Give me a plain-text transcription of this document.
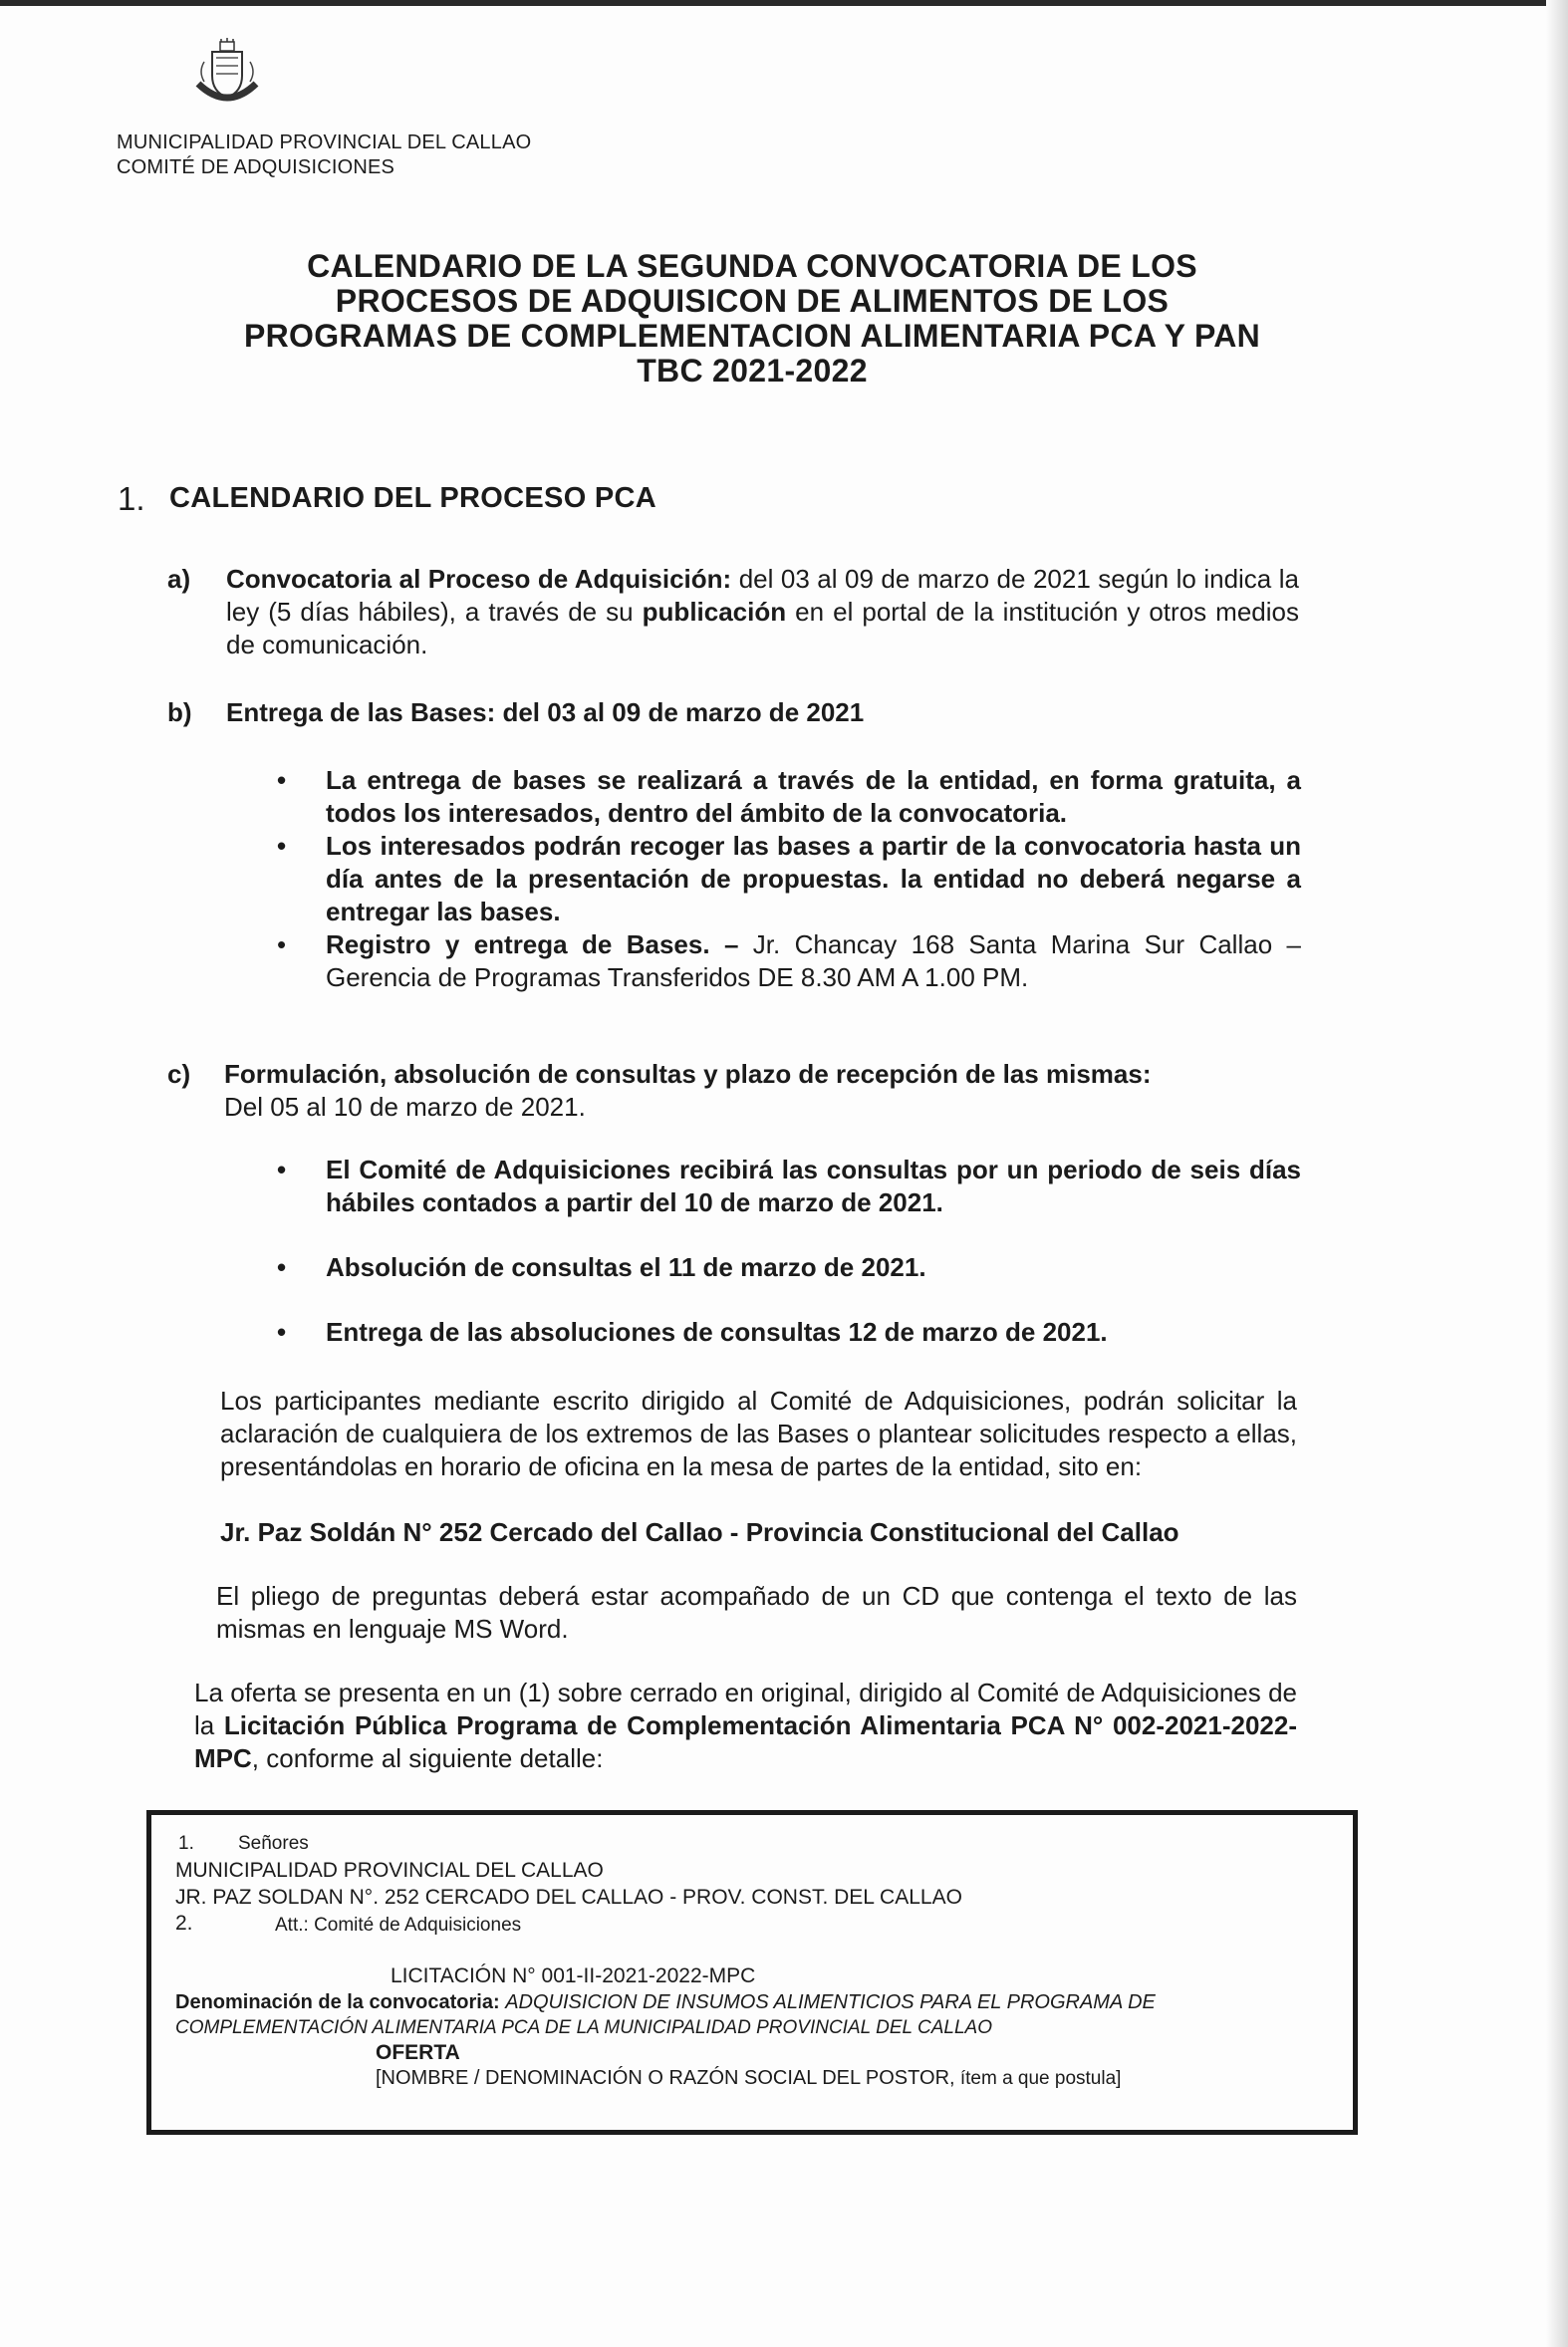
MUNICIPALIDAD PROVINCIAL DEL CALLAO
COMITÉ DE ADQUISICIONES
CALENDARIO DE LA SEGUNDA CONVOCATORIA DE LOS
PROCESOS DE ADQUISICON DE ALIMENTOS DE LOS
PROGRAMAS DE COMPLEMENTACION ALIMENTARIA PCA Y PAN
TBC 2021-2022
1. CALENDARIO DEL PROCESO PCA
a) Convocatoria al Proceso de Adquisición: del 03 al 09 de marzo de 2021 según lo indica la ley (5 días hábiles), a través de su publicación en el portal de la institución y otros medios de comunicación.
b) Entrega de las Bases: del 03 al 09 de marzo de 2021
• La entrega de bases se realizará a través de la entidad, en forma gratuita, a todos los interesados, dentro del ámbito de la convocatoria.
• Los interesados podrán recoger las bases a partir de la convocatoria hasta un día antes de la presentación de propuestas. la entidad no deberá negarse a entregar las bases.
• Registro y entrega de Bases. – Jr. Chancay 168 Santa Marina Sur Callao – Gerencia de Programas Transferidos DE 8.30 AM A 1.00 PM.
c) Formulación, absolución de consultas y plazo de recepción de las mismas:
Del 05 al 10 de marzo de 2021.
• El Comité de Adquisiciones recibirá las consultas por un periodo de seis días hábiles contados a partir del 10 de marzo de 2021.
• Absolución de consultas el 11 de marzo de 2021.
• Entrega de las absoluciones de consultas 12 de marzo de 2021.
Los participantes mediante escrito dirigido al Comité de Adquisiciones, podrán solicitar la aclaración de cualquiera de los extremos de las Bases o plantear solicitudes respecto a ellas, presentándolas en horario de oficina en la mesa de partes de la entidad, sito en:
Jr. Paz Soldán N° 252 Cercado del Callao - Provincia Constitucional del Callao
El pliego de preguntas deberá estar acompañado de un CD que contenga el texto de las mismas en lenguaje MS Word.
La oferta se presenta en un (1) sobre cerrado en original, dirigido al Comité de Adquisiciones de la Licitación Pública Programa de Complementación Alimentaria PCA N° 002-2021-2022-MPC, conforme al siguiente detalle:
1. Señores
MUNICIPALIDAD PROVINCIAL DEL CALLAO
JR. PAZ SOLDAN N°. 252 CERCADO DEL CALLAO - PROV. CONST. DEL CALLAO
2.	Att.: Comité de Adquisiciones
LICITACIÓN N° 001-II-2021-2022-MPC
Denominación de la convocatoria: ADQUISICION DE INSUMOS ALIMENTICIOS PARA EL PROGRAMA DE
COMPLEMENTACIÓN ALIMENTARIA PCA DE LA MUNICIPALIDAD PROVINCIAL DEL CALLAO
OFERTA
[NOMBRE / DENOMINACIÓN O RAZÓN SOCIAL DEL POSTOR, ítem a que postula]
